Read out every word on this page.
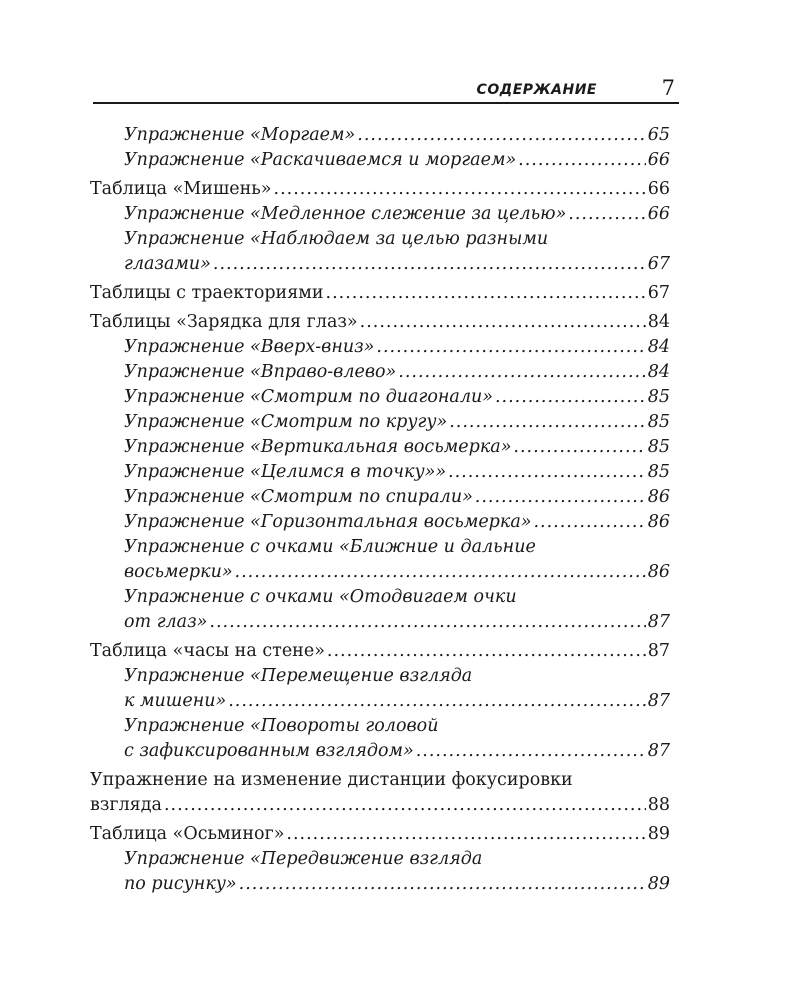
СОДЕРЖАНИЕ	7
Упражнение «Моргаем» .....	65
Упражнение «Раскачиваемся и моргаем» .....	66
Таблица «Мишень» .....	66
Упражнение «Медленное слежение за целью» .....	66
Упражнение «Наблюдаем за целью разными
глазами» .....	67
Таблицы с траекториями .....	67
Таблицы «Зарядка для глаз» .....	84
Упражнение «Вверх-вниз» .....	84
Упражнение «Вправо-влево» .....	84
Упражнение «Смотрим по диагонали» .....	85
Упражнение «Смотрим по кругу» .....	85
Упражнение «Вертикальная восьмерка» .....	85
Упражнение «Целимся в точку»» .....	85
Упражнение «Смотрим по спирали» .....	86
Упражнение «Горизонтальная восьмерка» .....	86
Упражнение с очками «Ближние и дальние
восьмерки» .....	86
Упражнение с очками «Отодвигаем очки
от глаз» .....	87
Таблица «часы на стене» .....	87
Упражнение «Перемещение взгляда
к мишени» .....	87
Упражнение «Повороты головой
с зафиксированным взглядом» .....	87
Упражнение на изменение дистанции фокусировки
взгляда .....	88
Таблица «Осьминог» .....	89
Упражнение «Передвижение взгляда
по рисунку» .....	89
